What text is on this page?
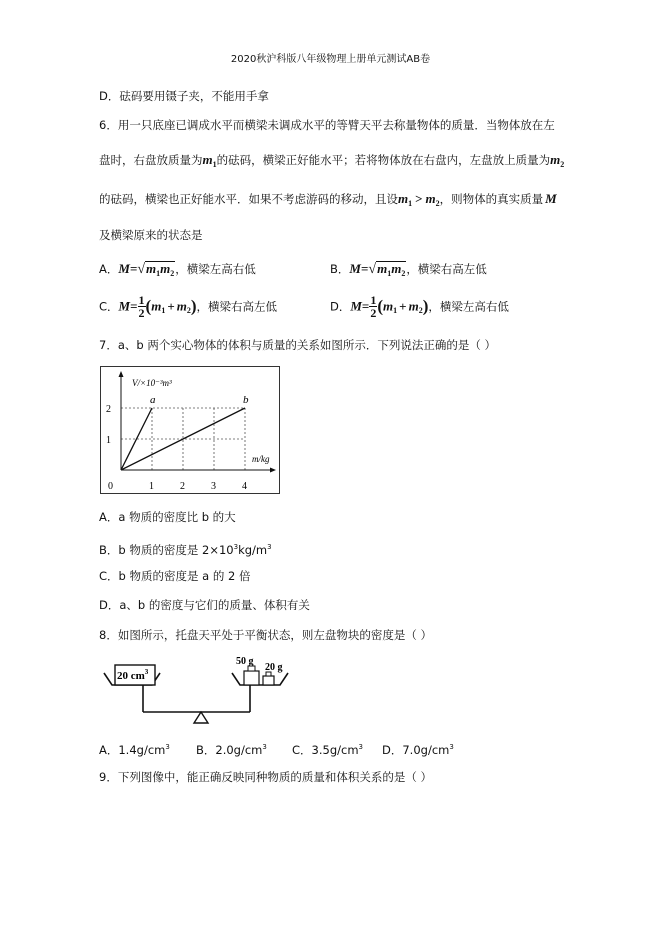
2020秋沪科版八年级物理上册单元测试AB卷
D．砝码要用镊子夹，不能用手拿
6．用一只底座已调成水平而横梁未调成水平的等臂天平去称量物体的质量．当物体放在左
盘时，右盘放质量为$m_1$的砝码，横梁正好能水平；若将物体放在右盘内，左盘放上质量为$m_2$
的砝码，横梁也正好能水平．如果不考虑游码的移动，且设$m_1 > m_2$，则物体的真实质量 M
及横梁原来的状态是
A．$M=√m_1m_2$，横梁左高右低	B．$M=√m_1m_2$，横梁右高左低
C．$M= \frac{1}{2} (m_1 + m_2)$，横梁右高左低	D．$M= \frac{1}{2} (m_1 + m_2)$，横梁左高右低
7．a、b 两个实心物体的体积与质量的关系如图所示．下列说法正确的是（ ）
V/×10⁻³m³
m/kg
0	1	2	3	4
1
2
a	b
A．a 物质的密度比 b 的大
B．b 物质的密度是 $2\times 10^3kg/m^3$
C．b 物质的密度是 a 的 2 倍
D．a、b 的密度与它们的质量、体积有关
8．如图所示，托盘天平处于平衡状态，则左盘物块的密度是（ ）
20 $cm^3$
50 g
20 g
A．$1.4g/cm^3$ B．$2.0g/cm^3$ C．$3.5g/cm^3$ D．$7.0g/cm^3$
9．下列图像中，能正确反映同种物质的质量和体积关系的是（ ）
